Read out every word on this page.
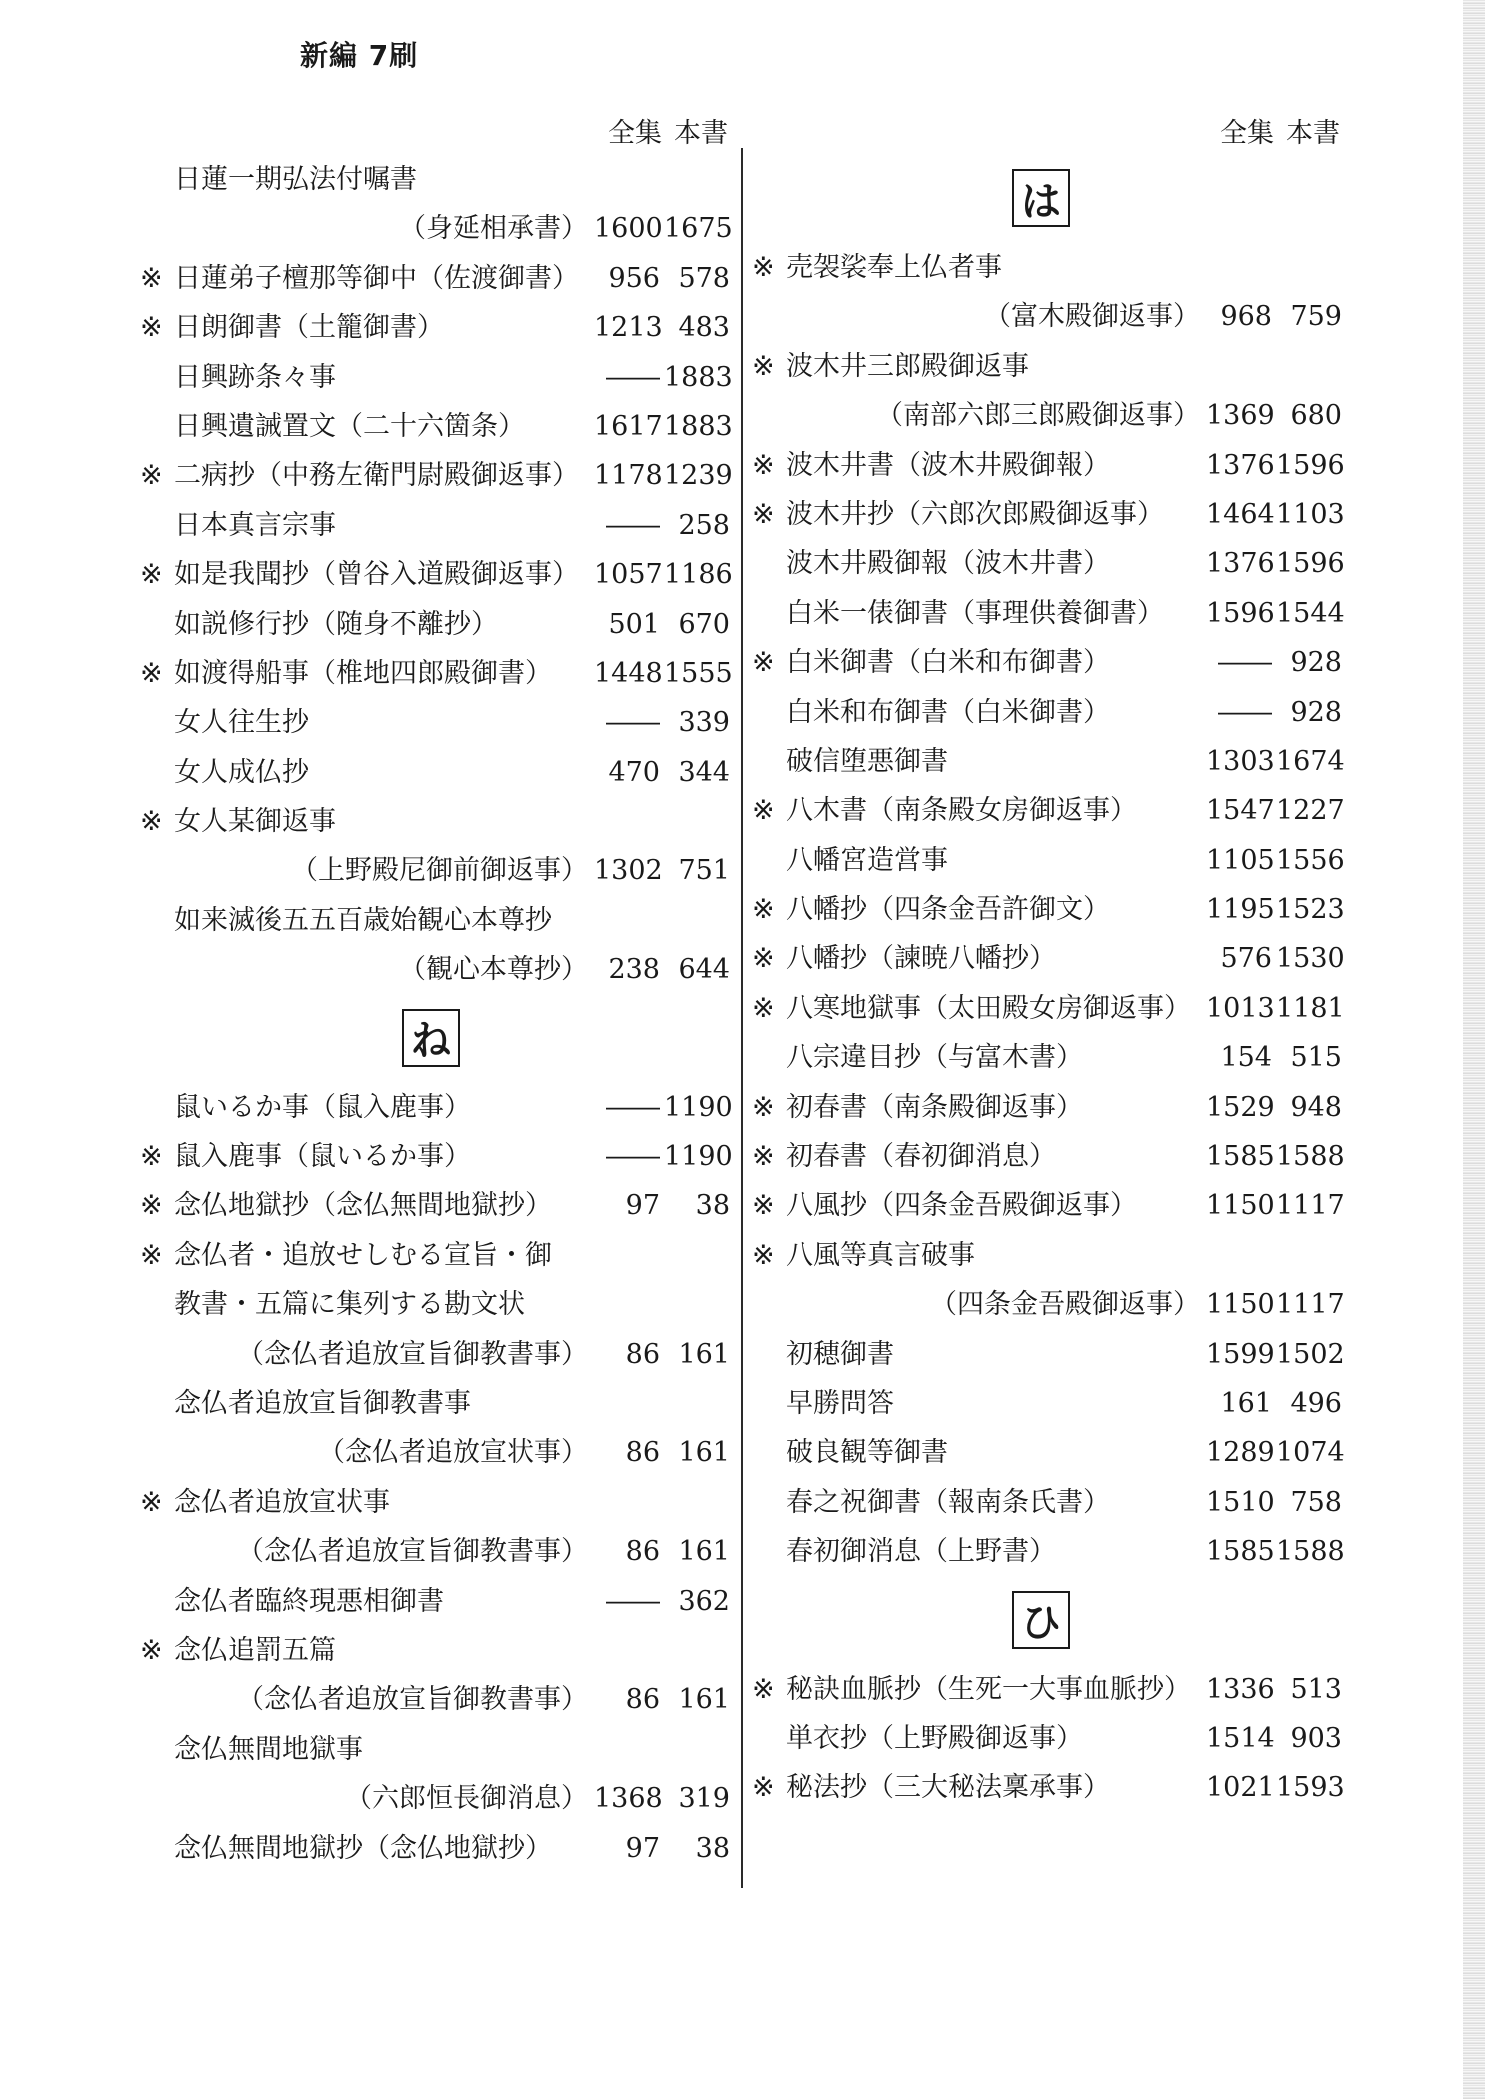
新編 7刷
全集 本書
日蓮一期弘法付嘱書
（身延相承書） 1600 1675
※ 日蓮弟子檀那等御中（佐渡御書）	956 578
※ 日朗御書（土籠御書）	1213 483
日興跡条々事	―― 1883
日興遺誡置文（二十六箇条）	1617 1883
※ 二病抄（中務左衛門尉殿御返事） 1178 1239
日本真言宗事	―― 258
※ 如是我聞抄（曾谷入道殿御返事） 1057 1186
如説修行抄（随身不離抄）	501 670
※ 如渡得船事（椎地四郎殿御書） 1448 1555
女人往生抄	―― 339
女人成仏抄	470 344
※ 女人某御返事
（上野殿尼御前御返事） 1302 751
如来滅後五五百歳始観心本尊抄
（観心本尊抄） 238 644
ね
鼠いるか事（鼠入鹿事）	―― 1190
※ 鼠入鹿事（鼠いるか事）	―― 1190
※ 念仏地獄抄（念仏無間地獄抄）	97	38
※ 念仏者・追放せしむる宣旨・御
教書・五篇に集列する勘文状
（念仏者追放宣旨御教書事）	86 161
念仏者追放宣旨御教書事
（念仏者追放宣状事）	86 161
※ 念仏者追放宣状事
（念仏者追放宣旨御教書事）	86 161
念仏者臨終現悪相御書	―― 362
※ 念仏追罰五篇
（念仏者追放宣旨御教書事）	86 161
念仏無間地獄事
（六郎恒長御消息） 1368 319
念仏無間地獄抄（念仏地獄抄）	97	38
全集 本書
は
※ 売袈裟奉上仏者事
（富木殿御返事） 968 759
※ 波木井三郎殿御返事
（南部六郎三郎殿御返事） 1369 680
※ 波木井書（波木井殿御報）	1376 1596
※ 波木井抄（六郎次郎殿御返事） 1464 1103
波木井殿御報（波木井書）	1376 1596
白米一俵御書（事理供養御書） 1596 1544
※ 白米御書（白米和布御書）	―― 928
白米和布御書（白米御書）	―― 928
破信堕悪御書	1303 1674
※ 八木書（南条殿女房御返事）	1547 1227
八幡宮造営事	1105 1556
※ 八幡抄（四条金吾許御文）	1195 1523
※ 八幡抄（諫暁八幡抄）	576 1530
※ 八寒地獄事（太田殿女房御返事） 1013 1181
八宗違目抄（与富木書）	154 515
※ 初春書（南条殿御返事）	1529 948
※ 初春書（春初御消息）	1585 1588
※ 八風抄（四条金吾殿御返事）	1150 1117
※ 八風等真言破事
（四条金吾殿御返事） 1150 1117
初穂御書	1599 1502
早勝問答	161 496
破良観等御書	1289 1074
春之祝御書（報南条氏書）	1510 758
春初御消息（上野書）	1585 1588
ひ
※ 秘訣血脈抄（生死一大事血脈抄） 1336 513
単衣抄（上野殿御返事）	1514 903
※ 秘法抄（三大秘法稟承事）	1021 1593
